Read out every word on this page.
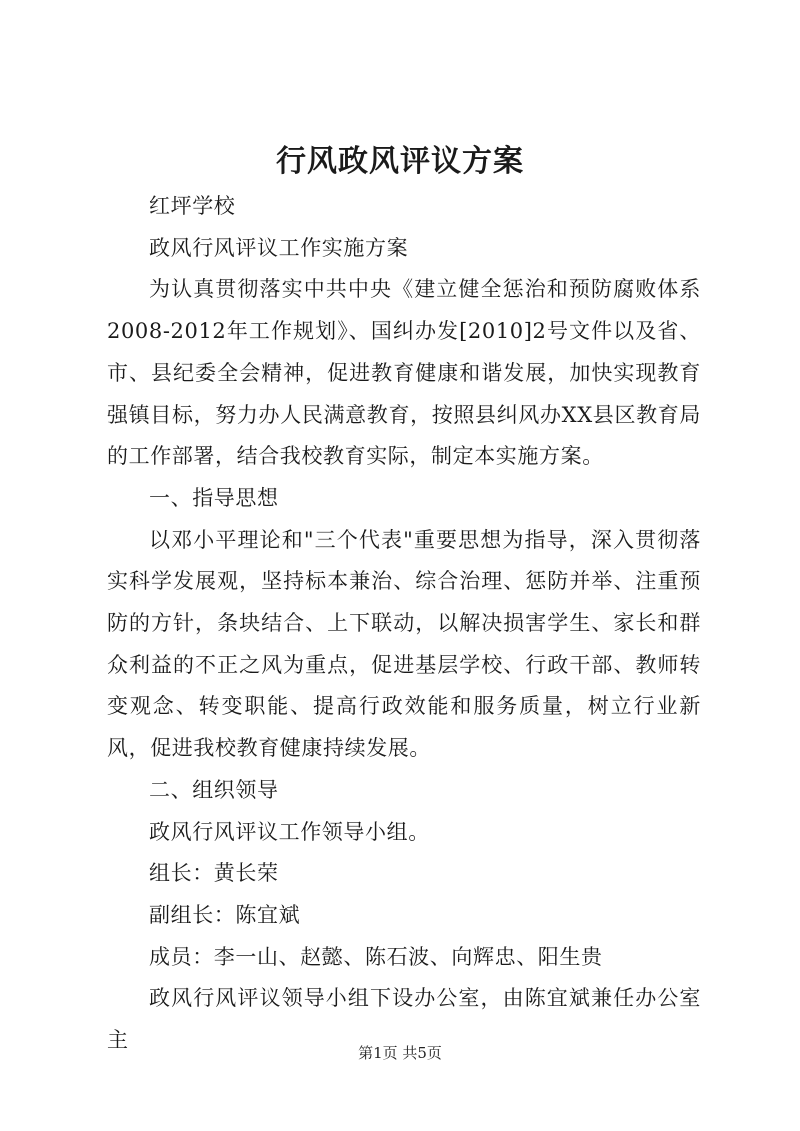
行风政风评议方案

红坪学校

政风行风评议工作实施方案

为认真贯彻落实中共中央《建立健全惩治和预防腐败体系2008-2012年工作规划》、国纠办发[2010]2号文件以及省、市、县纪委全会精神，促进教育健康和谐发展，加快实现教育强镇目标，努力办人民满意教育，按照县纠风办XX县区教育局的工作部署，结合我校教育实际，制定本实施方案。

一、指导思想

以邓小平理论和"三个代表"重要思想为指导，深入贯彻落实科学发展观，坚持标本兼治、综合治理、惩防并举、注重预防的方针，条块结合、上下联动，以解决损害学生、家长和群众利益的不正之风为重点，促进基层学校、行政干部、教师转变观念、转变职能、提高行政效能和服务质量，树立行业新风，促进我校教育健康持续发展。

二、组织领导

政风行风评议工作领导小组。

组长：黄长荣

副组长：陈宜斌

成员：李一山、赵懿、陈石波、向辉忠、阳生贵

政风行风评议领导小组下设办公室，由陈宜斌兼任办公室主

第1页 共5页
